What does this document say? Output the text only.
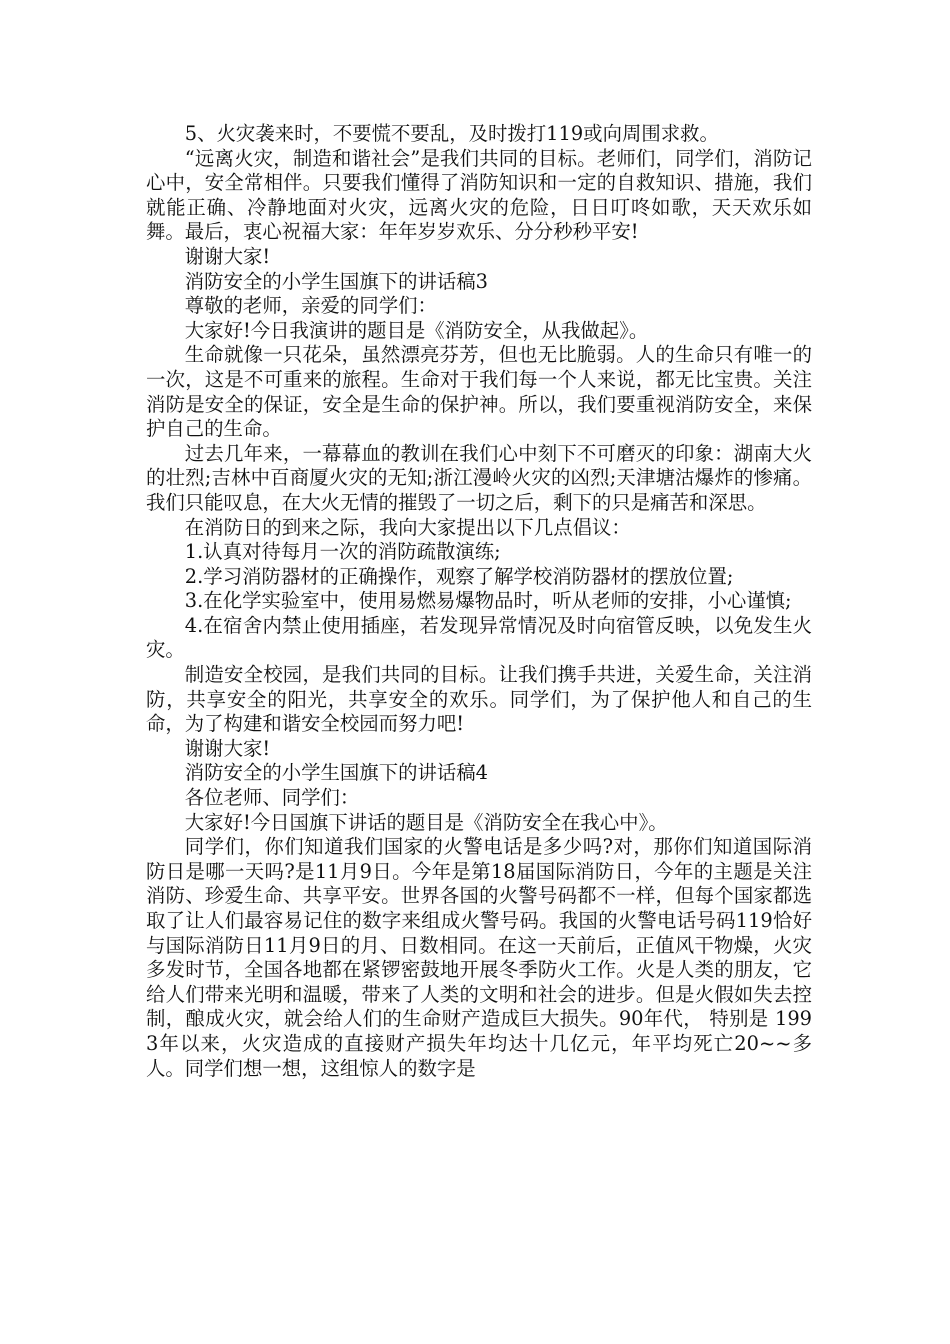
5、火灾袭来时，不要慌不要乱，及时拨打119或向周围求救。

“远离火灾，制造和谐社会”是我们共同的目标。老师们，同学们，消防记心中，安全常相伴。只要我们懂得了消防知识和一定的自救知识、措施，我们就能正确、冷静地面对火灾，远离火灾的危险，日日叮咚如歌，天天欢乐如舞。最后，衷心祝福大家：年年岁岁欢乐、分分秒秒平安!

谢谢大家!

消防安全的小学生国旗下的讲话稿3

尊敬的老师，亲爱的同学们：

大家好!今日我演讲的题目是《消防安全，从我做起》。

生命就像一只花朵，虽然漂亮芬芳，但也无比脆弱。人的生命只有唯一的一次，这是不可重来的旅程。生命对于我们每一个人来说，都无比宝贵。关注消防是安全的保证，安全是生命的保护神。所以，我们要重视消防安全，来保护自己的生命。

过去几年来，一幕幕血的教训在我们心中刻下不可磨灭的印象：湖南大火的壮烈;吉林中百商厦火灾的无知;浙江漫岭火灾的凶烈;天津塘沽爆炸的惨痛。我们只能叹息，在大火无情的摧毁了一切之后，剩下的只是痛苦和深思。

在消防日的到来之际，我向大家提出以下几点倡议：

1.认真对待每月一次的消防疏散演练;

2.学习消防器材的正确操作，观察了解学校消防器材的摆放位置;

3.在化学实验室中，使用易燃易爆物品时，听从老师的安排，小心谨慎;

4.在宿舍内禁止使用插座，若发现异常情况及时向宿管反映，以免发生火灾。

制造安全校园，是我们共同的目标。让我们携手共进，关爱生命，关注消防，共享安全的阳光，共享安全的欢乐。同学们，为了保护他人和自己的生命，为了构建和谐安全校园而努力吧!

谢谢大家!

消防安全的小学生国旗下的讲话稿4

各位老师、同学们：

大家好!今日国旗下讲话的题目是《消防安全在我心中》。

同学们，你们知道我们国家的火警电话是多少吗?对，那你们知道国际消防日是哪一天吗?是11月9日。今年是第18届国际消防日，今年的主题是关注消防、珍爱生命、共享平安。世界各国的火警号码都不一样，但每个国家都选取了让人们最容易记住的数字来组成火警号码。我国的火警电话号码119恰好与国际消防日11月9日的月、日数相同。在这一天前后，正值风干物燥，火灾多发时节，全国各地都在紧锣密鼓地开展冬季防火工作。火是人类的朋友，它给人们带来光明和温暖，带来了人类的文明和社会的进步。但是火假如失去控制，酿成火灾，就会给人们的生命财产造成巨大损失。90年代， 特别是 1993年以来，火灾造成的直接财产损失年均达十几亿元，年平均死亡20~~多人。同学们想一想，这组惊人的数字是
